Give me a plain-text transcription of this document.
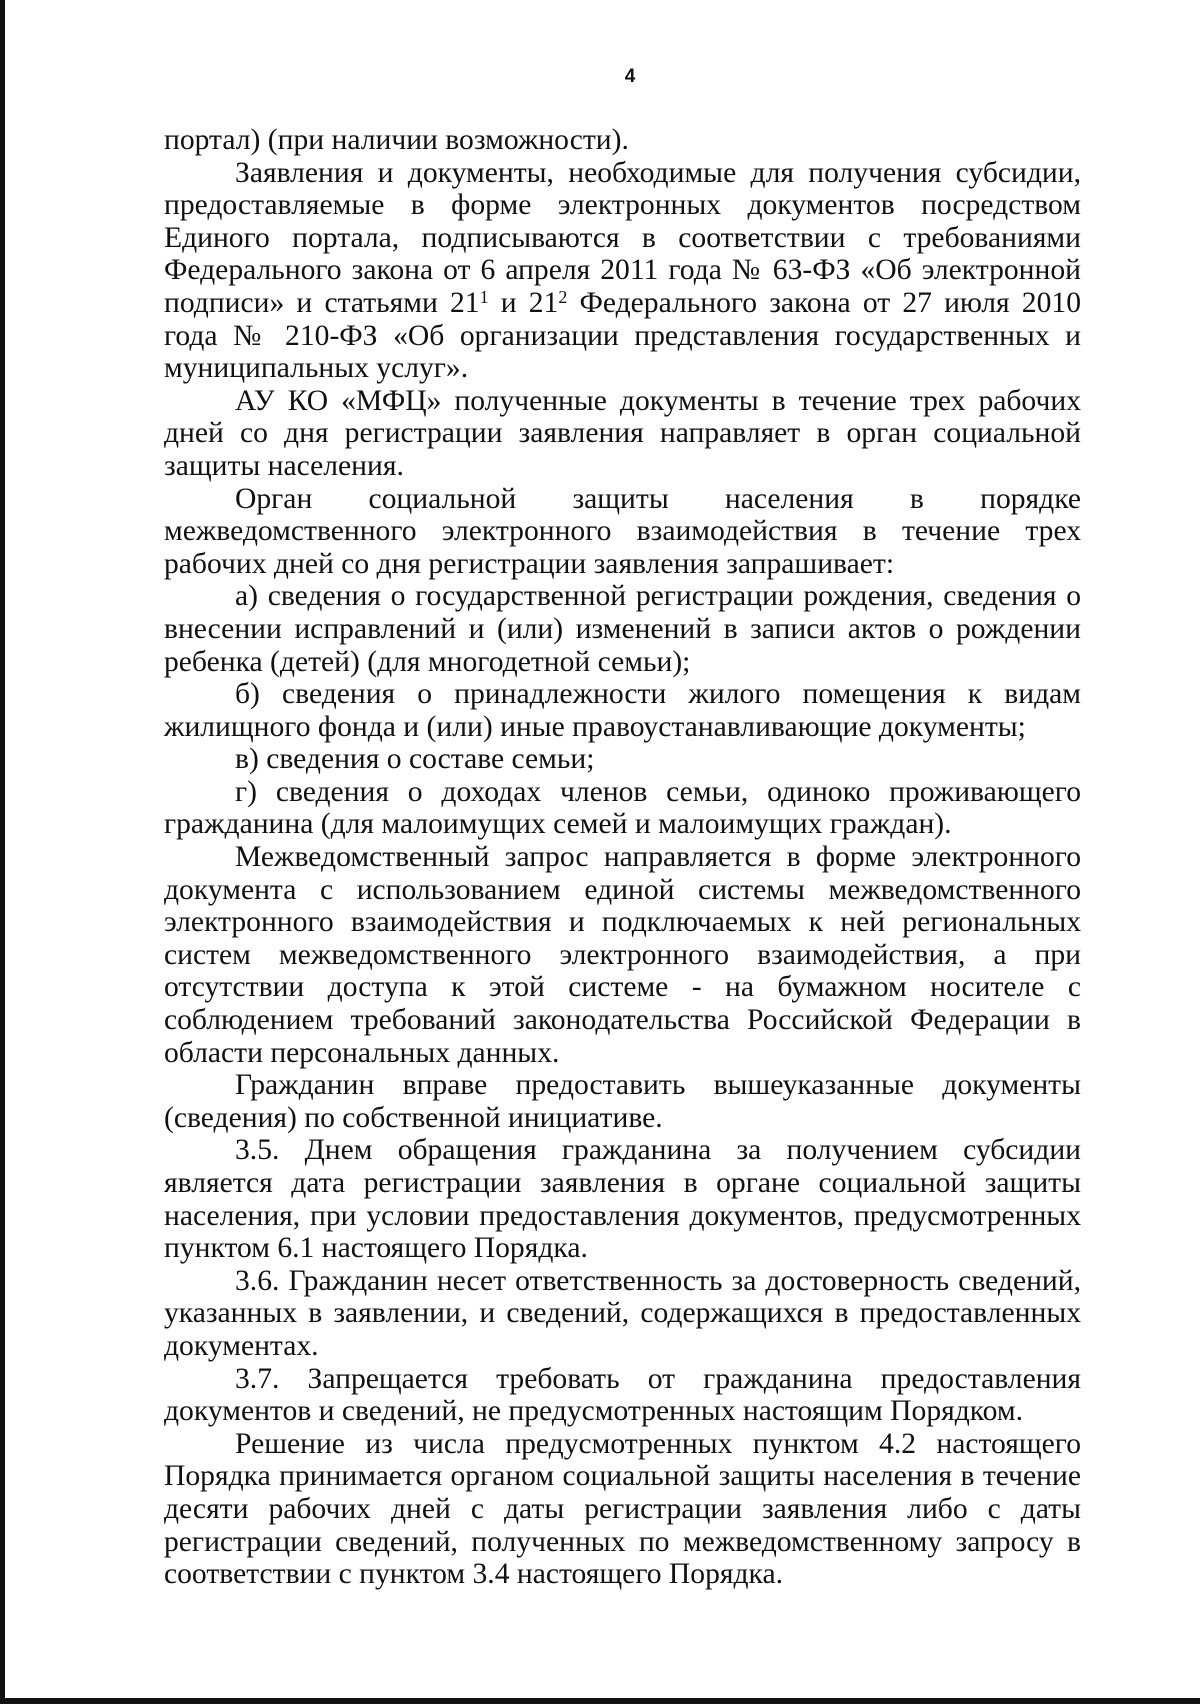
4

портал) (при наличии возможности).

Заявления и документы, необходимые для получения субсидии, предоставляемые в форме электронных документов посредством Единого портала, подписываются в соответствии с требованиями Федерального закона от 6 апреля 2011 года № 63-ФЗ «Об электронной подписи» и статьями $21^1$ и $21^2$ Федерального закона от 27 июля 2010 года № 210-ФЗ «Об организации представления государственных и муниципальных услуг».

АУ КО «МФЦ» полученные документы в течение трех рабочих дней со дня регистрации заявления направляет в орган социальной защиты населения.

Орган социальной защиты населения в порядке межведомственного электронного взаимодействия в течение трех рабочих дней со дня регистрации заявления запрашивает:

а) сведения о государственной регистрации рождения, сведения о внесении исправлений и (или) изменений в записи актов о рождении ребенка (детей) (для многодетной семьи);

б) сведения о принадлежности жилого помещения к видам жилищного фонда и (или) иные правоустанавливающие документы;

в) сведения о составе семьи;

г) сведения о доходах членов семьи, одиноко проживающего гражданина (для малоимущих семей и малоимущих граждан).

Межведомственный запрос направляется в форме электронного документа с использованием единой системы межведомственного электронного взаимодействия и подключаемых к ней региональных систем межведомственного электронного взаимодействия, а при отсутствии доступа к этой системе - на бумажном носителе с соблюдением требований законодательства Российской Федерации в области персональных данных.

Гражданин вправе предоставить вышеуказанные документы (сведения) по собственной инициативе.

3.5. Днем обращения гражданина за получением субсидии является дата регистрации заявления в органе социальной защиты населения, при условии предоставления документов, предусмотренных пунктом 6.1 настоящего Порядка.

3.6. Гражданин несет ответственность за достоверность сведений, указанных в заявлении, и сведений, содержащихся в предоставленных документах.

3.7. Запрещается требовать от гражданина предоставления документов и сведений, не предусмотренных настоящим Порядком.

Решение из числа предусмотренных пунктом 4.2 настоящего Порядка принимается органом социальной защиты населения в течение десяти рабочих дней с даты регистрации заявления либо с даты регистрации сведений, полученных по межведомственному запросу в соответствии с пунктом 3.4 настоящего Порядка.
